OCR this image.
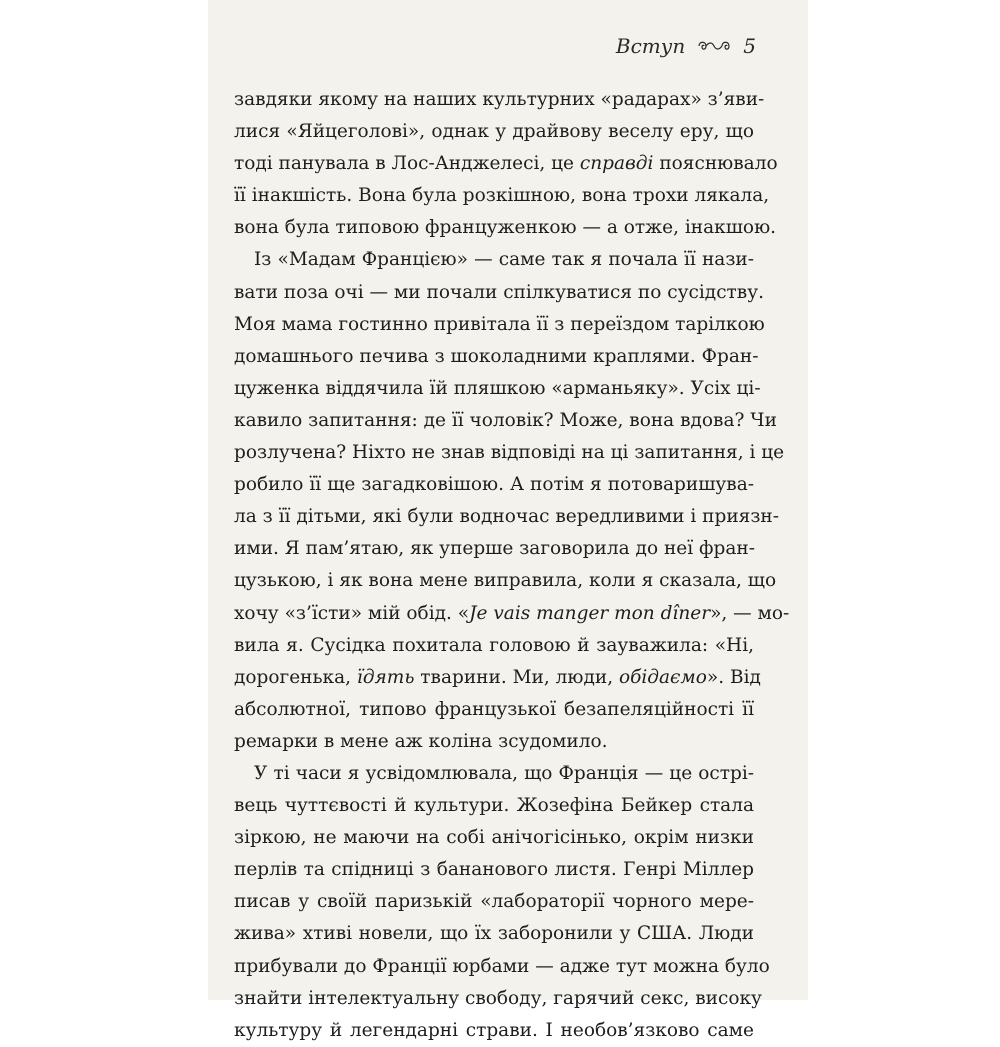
Вступ	5
завдяки якому на наших культурних «радарах» з’яви-
лися «Яйцеголові», однак у драйвову веселу еру, що
тоді панувала в Лос-Анджелесі, це справді пояснювало
її інакшість. Вона була розкішною, вона трохи лякала,
вона була типовою француженкою — а отже, інакшою.
Із «Мадам Францією» — саме так я почала її нази-
вати поза очі — ми почали спілкуватися по сусідству.
Моя мама гостинно привітала її з переїздом тарілкою
домашнього печива з шоколадними краплями. Фран-
цуженка віддячила їй пляшкою «арманьяку». Усіх ці-
кавило запитання: де її чоловік? Може, вона вдова? Чи
розлучена? Ніхто не знав відповіді на ці запитання, і це
робило її ще загадковішою. А потім я потоваришува-
ла з її дітьми, які були водночас вередливими і приязн-
ими. Я пам’ятаю, як уперше заговорила до неї фран-
цузькою, і як вона мене виправила, коли я сказала, що
хочу «з’їсти» мій обід. «Je vais manger mon dîner», — мо-
вила я. Сусідка похитала головою й зауважила: «Ні,
дорогенька, їдять тварини. Ми, люди, обідаємо». Від
абсолютної, типово французької безапеляційності її
ремарки в мене аж коліна зсудомило.
У ті часи я усвідомлювала, що Франція — це острі-
вець чуттєвості й культури. Жозефіна Бейкер стала
зіркою, не маючи на собі анічогісінько, окрім низки
перлів та спідниці з бананового листя. Генрі Міллер
писав у своїй паризькій «лабораторії чорного мере-
жива» хтиві новели, що їх заборонили у США. Люди
прибували до Франції юрбами — адже тут можна було
знайти інтелектуальну свободу, гарячий секс, високу
культуру й легендарні страви. І необов’язково саме
